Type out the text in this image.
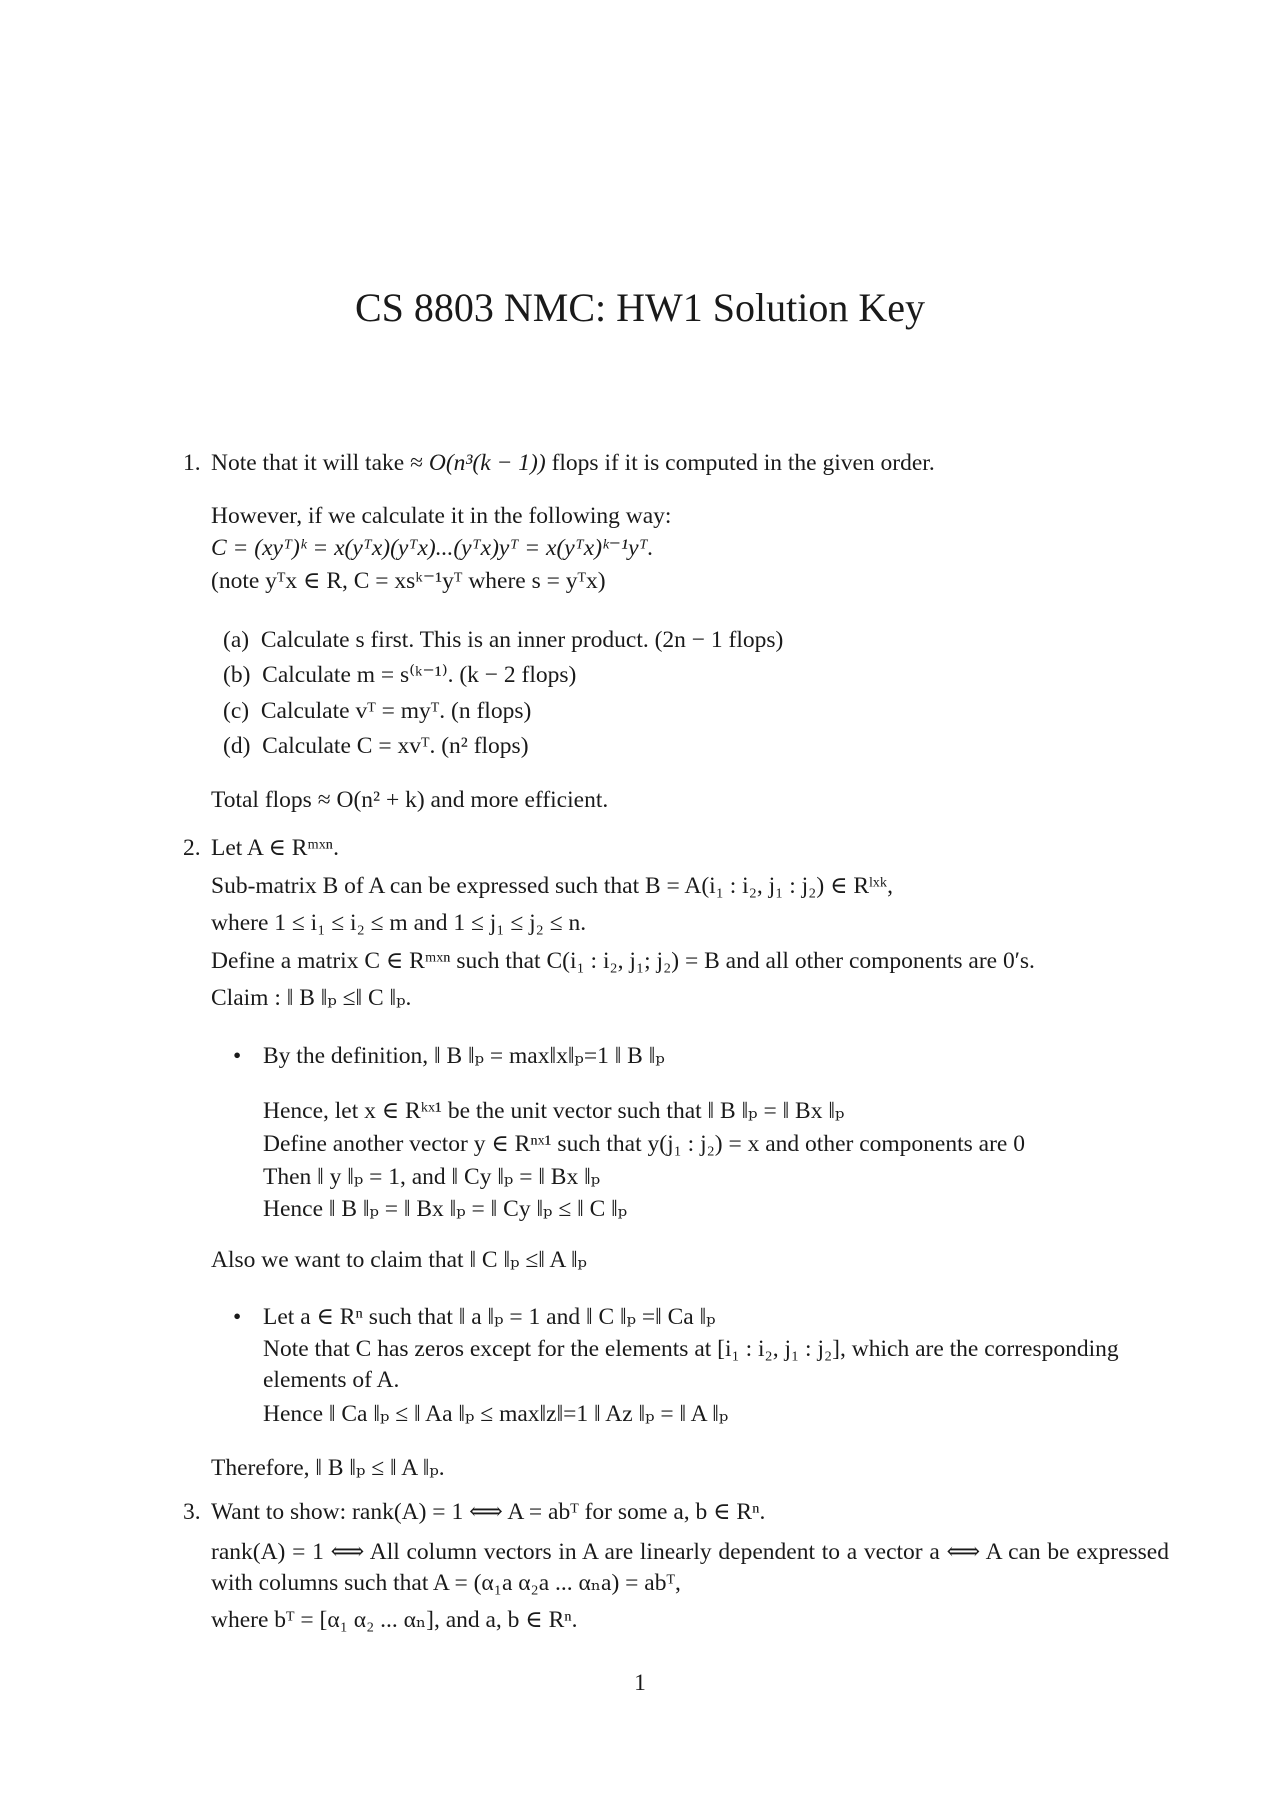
CS 8803 NMC: HW1 Solution Key
1. Note that it will take ≈ O(n³(k − 1)) flops if it is computed in the given order.
However, if we calculate it in the following way:
C = (xyᵀ)ᵏ = x(yᵀx)(yᵀx)...(yᵀx)yᵀ = x(yᵀx)ᵏ⁻¹yᵀ.
(note yᵀx ∈ R, C = xsᵏ⁻¹yᵀ where s = yᵀx)
(a) Calculate s first. This is an inner product. (2n − 1 flops)
(b) Calculate m = s⁽ᵏ⁻¹⁾. (k − 2 flops)
(c) Calculate vᵀ = myᵀ. (n flops)
(d) Calculate C = xvᵀ. (n² flops)
Total flops ≈ O(n² + k) and more efficient.
2. Let A ∈ Rᵐˣⁿ.
Sub-matrix B of A can be expressed such that B = A(i₁ : i₂, j₁ : j₂) ∈ Rˡˣᵏ,
where 1 ≤ i₁ ≤ i₂ ≤ m and 1 ≤ j₁ ≤ j₂ ≤ n.
Define a matrix C ∈ Rᵐˣⁿ such that C(i₁ : i₂, j₁; j₂) = B and all other components are 0′s.
Claim : ‖ B ‖ₚ ≤‖ C ‖ₚ.
• By the definition, ‖ B ‖ₚ = max‖x‖ₚ=1 ‖ B ‖ₚ
Hence, let x ∈ Rᵏˣ¹ be the unit vector such that ‖ B ‖ₚ = ‖ Bx ‖ₚ
Define another vector y ∈ Rⁿˣ¹ such that y(j₁ : j₂) = x and other components are 0
Then ‖ y ‖ₚ = 1, and ‖ Cy ‖ₚ = ‖ Bx ‖ₚ
Hence ‖ B ‖ₚ = ‖ Bx ‖ₚ = ‖ Cy ‖ₚ ≤ ‖ C ‖ₚ
Also we want to claim that ‖ C ‖ₚ ≤‖ A ‖ₚ
• Let a ∈ Rⁿ such that ‖ a ‖ₚ = 1 and ‖ C ‖ₚ =‖ Ca ‖ₚ
Note that C has zeros except for the elements at [i₁ : i₂, j₁ : j₂], which are the corresponding elements of A.
Hence ‖ Ca ‖ₚ ≤ ‖ Aa ‖ₚ ≤ max‖z‖=1 ‖ Az ‖ₚ = ‖ A ‖ₚ
Therefore, ‖ B ‖ₚ ≤ ‖ A ‖ₚ.
3. Want to show: rank(A) = 1 ⟺ A = abᵀ for some a, b ∈ Rⁿ.
rank(A) = 1 ⟺ All column vectors in A are linearly dependent to a vector a ⟺ A can be expressed with columns such that A = (α₁a α₂a ... αₙa) = abᵀ,
where bᵀ = [α₁ α₂ ... αₙ], and a, b ∈ Rⁿ.
1
